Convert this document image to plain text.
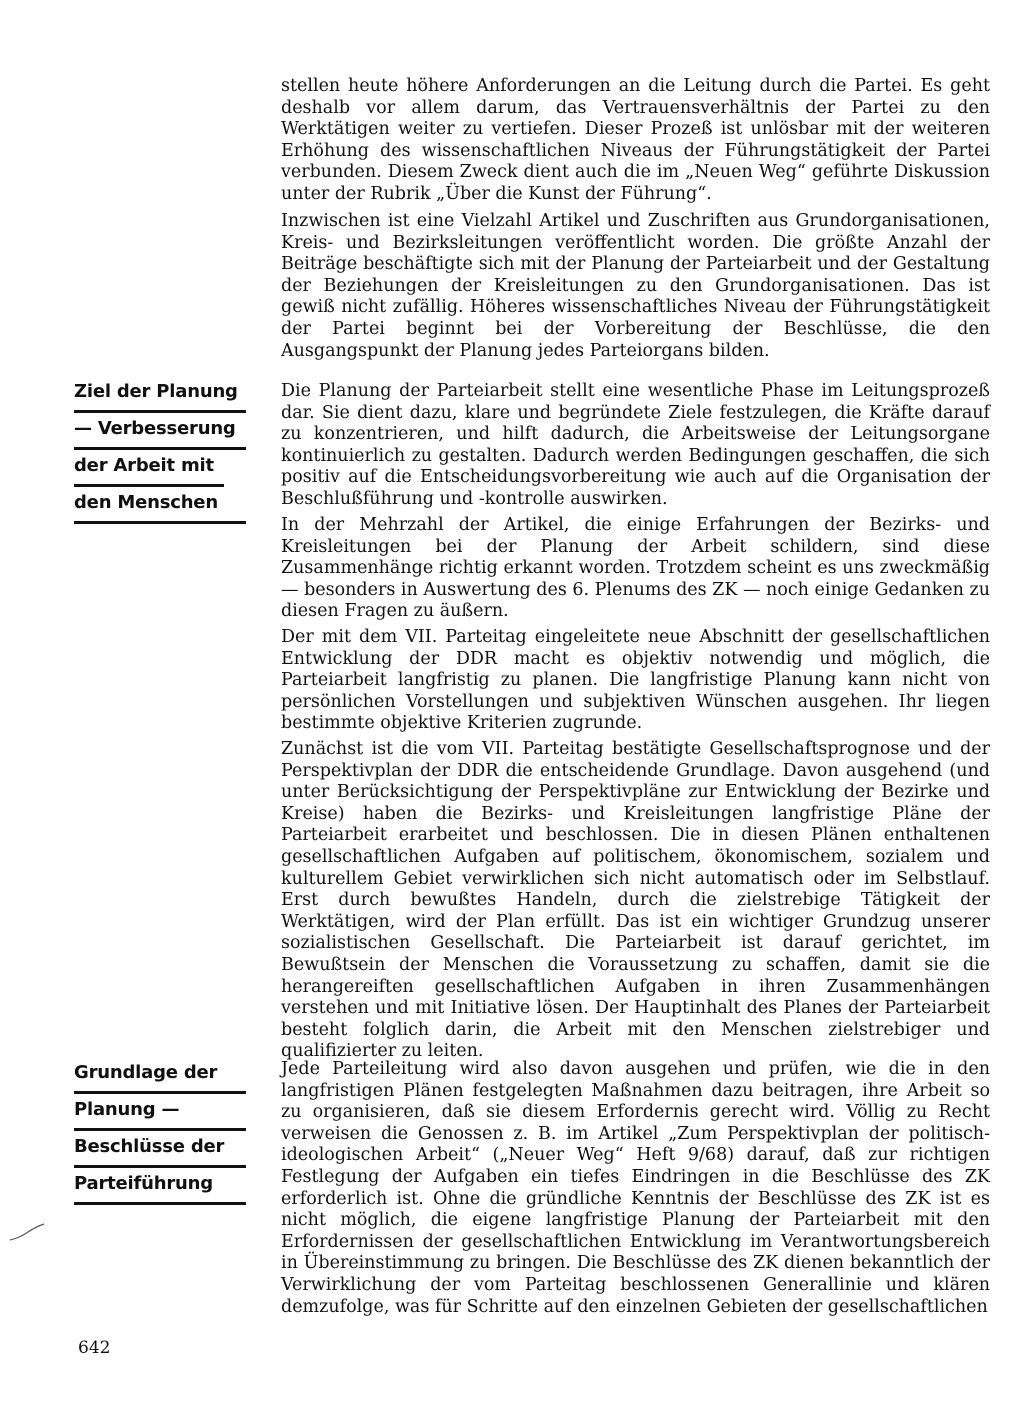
stellen heute höhere Anforderungen an die Leitung durch die Partei. Es geht deshalb vor allem darum, das Vertrauensverhältnis der Partei zu den Werktätigen weiter zu vertiefen. Dieser Prozeß ist unlösbar mit der weiteren Erhöhung des wissenschaftlichen Niveaus der Führungstätigkeit der Partei verbunden. Diesem Zweck dient auch die im „Neuen Weg“ geführte Diskussion unter der Rubrik „Über die Kunst der Führung“.

Inzwischen ist eine Vielzahl Artikel und Zuschriften aus Grundorganisationen, Kreis- und Bezirksleitungen veröffentlicht worden. Die größte Anzahl der Beiträge beschäftigte sich mit der Planung der Parteiarbeit und der Gestaltung der Beziehungen der Kreisleitungen zu den Grundorganisationen. Das ist gewiß nicht zufällig. Höheres wissenschaftliches Niveau der Führungstätigkeit der Partei beginnt bei der Vorbereitung der Beschlüsse, die den Ausgangspunkt der Planung jedes Parteiorgans bilden.

Ziel der Planung
— Verbesserung
der Arbeit mit
den Menschen

Die Planung der Parteiarbeit stellt eine wesentliche Phase im Leitungsprozeß dar. Sie dient dazu, klare und begründete Ziele festzulegen, die Kräfte darauf zu konzentrieren, und hilft dadurch, die Arbeitsweise der Leitungsorgane kontinuierlich zu gestalten. Dadurch werden Bedingungen geschaffen, die sich positiv auf die Entscheidungsvorbereitung wie auch auf die Organisation der Beschlußführung und -kontrolle auswirken.

In der Mehrzahl der Artikel, die einige Erfahrungen der Bezirks- und Kreisleitungen bei der Planung der Arbeit schildern, sind diese Zusammenhänge richtig erkannt worden. Trotzdem scheint es uns zweckmäßig — besonders in Auswertung des 6. Plenums des ZK — noch einige Gedanken zu diesen Fragen zu äußern.

Der mit dem VII. Parteitag eingeleitete neue Abschnitt der gesellschaftlichen Entwicklung der DDR macht es objektiv notwendig und möglich, die Parteiarbeit langfristig zu planen. Die langfristige Planung kann nicht von persönlichen Vorstellungen und subjektiven Wünschen ausgehen. Ihr liegen bestimmte objektive Kriterien zugrunde.

Zunächst ist die vom VII. Parteitag bestätigte Gesellschaftsprognose und der Perspektivplan der DDR die entscheidende Grundlage. Davon ausgehend (und unter Berücksichtigung der Perspektivpläne zur Entwicklung der Bezirke und Kreise) haben die Bezirks- und Kreisleitungen langfristige Pläne der Parteiarbeit erarbeitet und beschlossen. Die in diesen Plänen enthaltenen gesellschaftlichen Aufgaben auf politischem, ökonomischem, sozialem und kulturellem Gebiet verwirklichen sich nicht automatisch oder im Selbstlauf. Erst durch bewußtes Handeln, durch die zielstrebige Tätigkeit der Werktätigen, wird der Plan erfüllt. Das ist ein wichtiger Grundzug unserer sozialistischen Gesellschaft. Die Parteiarbeit ist darauf gerichtet, im Bewußtsein der Menschen die Voraussetzung zu schaffen, damit sie die herangereiften gesellschaftlichen Aufgaben in ihren Zusammenhängen verstehen und mit Initiative lösen. Der Hauptinhalt des Planes der Parteiarbeit besteht folglich darin, die Arbeit mit den Menschen zielstrebiger und qualifizierter zu leiten.

Grundlage der
Planung —
Beschlüsse der
Parteiführung

Jede Parteileitung wird also davon ausgehen und prüfen, wie die in den langfristigen Plänen festgelegten Maßnahmen dazu beitragen, ihre Arbeit so zu organisieren, daß sie diesem Erfordernis gerecht wird. Völlig zu Recht verweisen die Genossen z. B. im Artikel „Zum Perspektivplan der politisch-ideologischen Arbeit“ („Neuer Weg“ Heft 9/68) darauf, daß zur richtigen Festlegung der Aufgaben ein tiefes Eindringen in die Beschlüsse des ZK erforderlich ist. Ohne die gründliche Kenntnis der Beschlüsse des ZK ist es nicht möglich, die eigene langfristige Planung der Parteiarbeit mit den Erfordernissen der gesellschaftlichen Entwicklung im Verantwortungsbereich in Übereinstimmung zu bringen. Die Beschlüsse des ZK dienen bekanntlich der Verwirklichung der vom Parteitag beschlossenen Generallinie und klären demzufolge, was für Schritte auf den einzelnen Gebieten der gesellschaftlichen

642
